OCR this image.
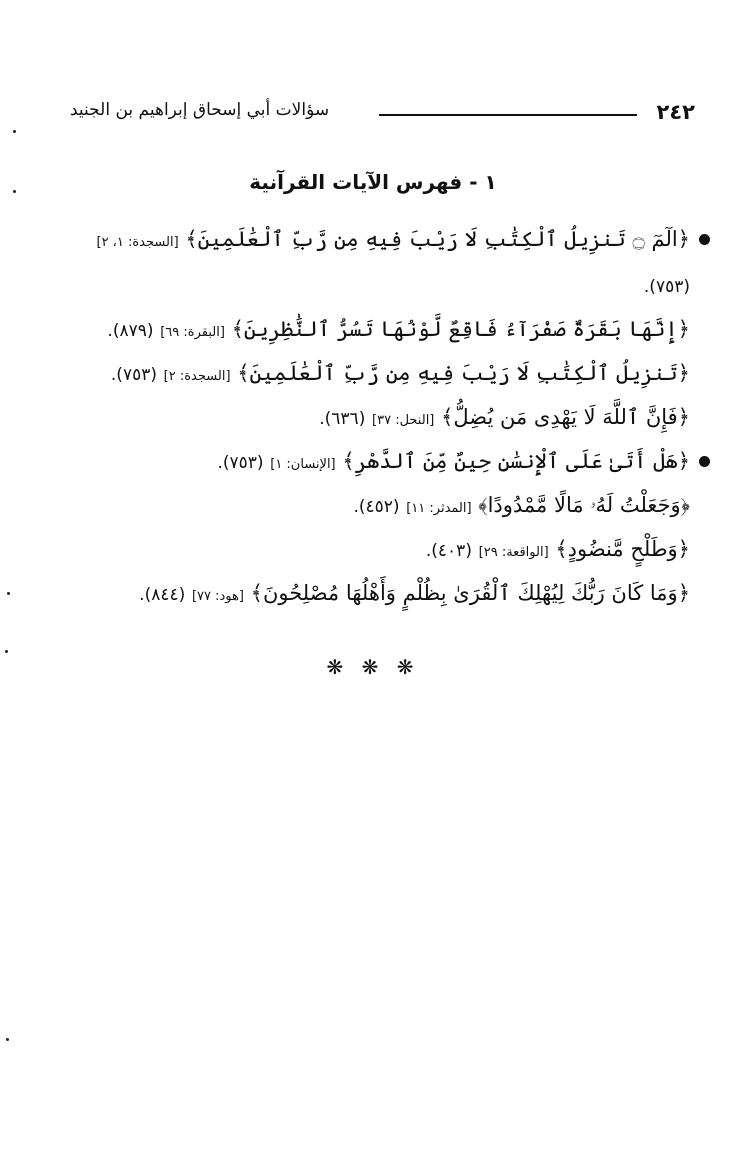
٢٤٢
سؤالات أبي إسحاق إبراهيم بن الجنيد
١ - فهرس الآيات القرآنية
﴿الٓمٓ ۝ تَنزِيلُ ٱلْكِتَٰبِ لَا رَيْبَ فِيهِ مِن رَّبِّ ٱلْعَٰلَمِينَ﴾ [السجدة: ١، ٢] (٧٥٣).
﴿إِنَّهَا بَقَرَةٌ صَفْرَآءُ فَاقِعٌ لَّوْنُهَا تَسُرُّ ٱلنَّٰظِرِينَ﴾ [البقرة: ٦٩] (٨٧٩).
﴿تَنزِيلُ ٱلْكِتَٰبِ لَا رَيْبَ فِيهِ مِن رَّبِّ ٱلْعَٰلَمِينَ﴾ [السجدة: ٢] (٧٥٣).
﴿فَإِنَّ ٱللَّهَ لَا يَهْدِى مَن يُضِلُّ﴾ [النحل: ٣٧] (٦٣٦).
﴿هَلْ أَتَىٰ عَلَى ٱلْإِنسَٰنِ حِينٌ مِّنَ ٱلدَّهْرِ﴾ [الإنسان: ١] (٧٥٣).
﴿وَجَعَلْتُ لَهُۥ مَالًا مَّمْدُودًا﴾ [المدثر: ١١] (٤٥٢).
﴿وَطَلْحٍ مَّنضُودٍ﴾ [الواقعة: ٢٩] (٤٠٣).
﴿وَمَا كَانَ رَبُّكَ لِيُهْلِكَ ٱلْقُرَىٰ بِظُلْمٍ وَأَهْلُهَا مُصْلِحُونَ﴾ [هود: ٧٧] (٨٤٤).
❋ ❋ ❋
